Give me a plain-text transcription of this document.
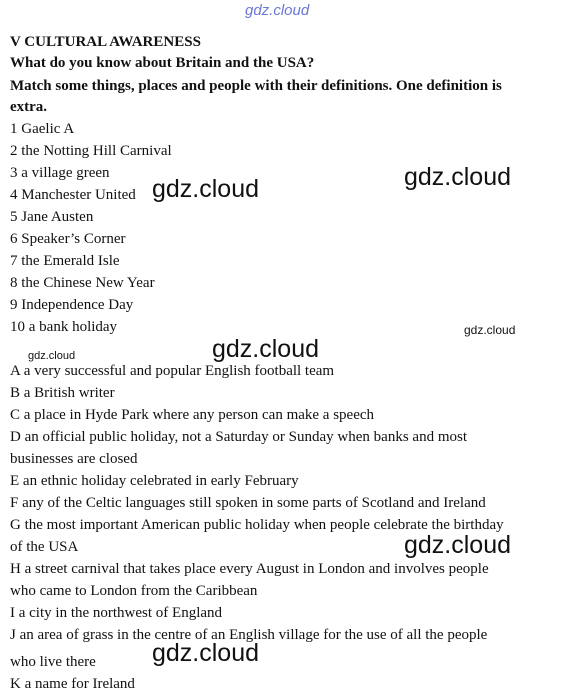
gdz.cloud
V CULTURAL AWARENESS
What do you know about Britain and the USA?
Match some things, places and people with their definitions. One definition is
extra.
1 Gaelic A
2 the Notting Hill Carnival
3 a village green
4 Manchester United
5 Jane Austen
6 Speaker’s Corner
7 the Emerald Isle
8 the Chinese New Year
9 Independence Day
10 a bank holiday
A a very successful and popular English football team
B a British writer
C a place in Hyde Park where any person can make a speech
D an official public holiday, not a Saturday or Sunday when banks and most
businesses are closed
E an ethnic holiday celebrated in early February
F any of the Celtic languages still spoken in some parts of Scotland and Ireland
G the most important American public holiday when people celebrate the birthday
of the USA
H a street carnival that takes place every August in London and involves people
who came to London from the Caribbean
I a city in the northwest of England
J an area of grass in the centre of an English village for the use of all the people
who live there
K a name for Ireland
gdz.cloud	gdz.cloud
gdz.cloud
gdz.cloud
gdz.cloud
gdz.cloud
gdz.cloud
